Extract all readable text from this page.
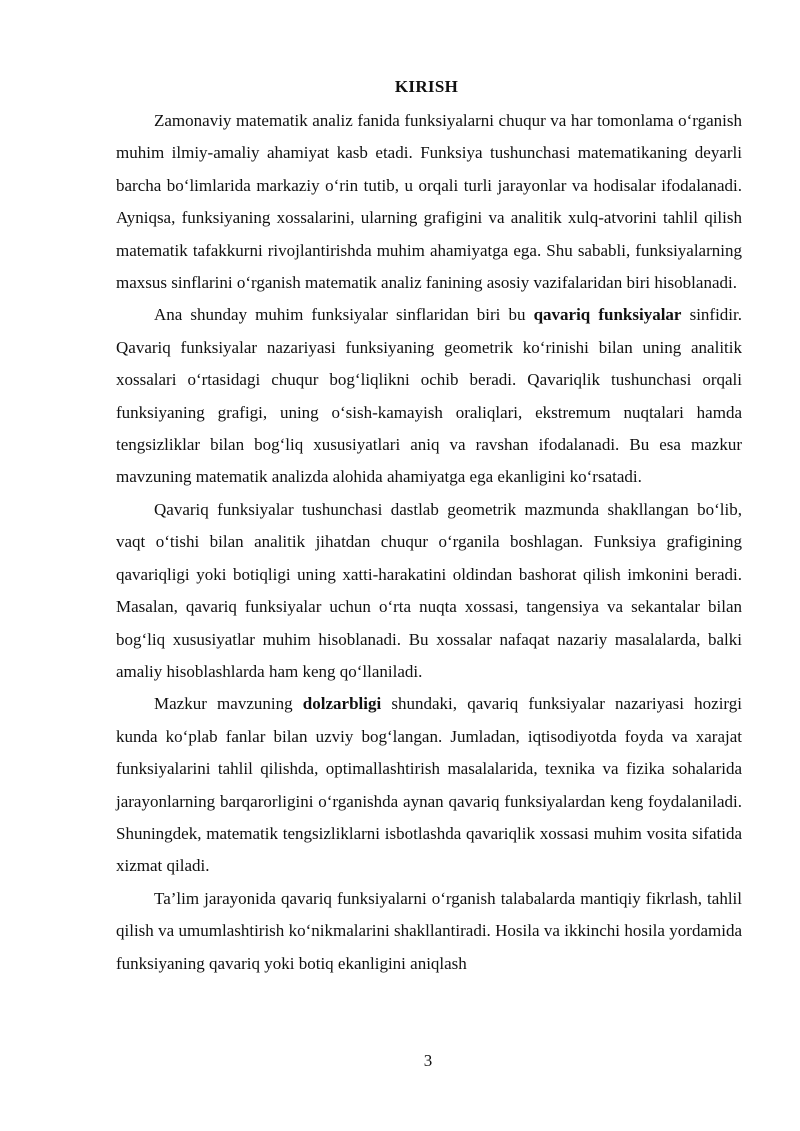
KIRISH

Zamonaviy matematik analiz fanida funksiyalarni chuqur va har tomonlama o‘rganish muhim ilmiy-amaliy ahamiyat kasb etadi. Funksiya tushunchasi matematikaning deyarli barcha bo‘limlarida markaziy o‘rin tutib, u orqali turli jarayonlar va hodisalar ifodalanadi. Ayniqsa, funksiyaning xossalarini, ularning grafigini va analitik xulq-atvorini tahlil qilish matematik tafakkurni rivojlantirishda muhim ahamiyatga ega. Shu sababli, funksiyalarning maxsus sinflarini o‘rganish matematik analiz fanining asosiy vazifalaridan biri hisoblanadi.

Ana shunday muhim funksiyalar sinflaridan biri bu qavariq funksiyalar sinfidir. Qavariq funksiyalar nazariyasi funksiyaning geometrik ko‘rinishi bilan uning analitik xossalari o‘rtasidagi chuqur bog‘liqlikni ochib beradi. Qavariqlik tushunchasi orqali funksiyaning grafigi, uning o‘sish-kamayish oraliqlari, ekstremum nuqtalari hamda tengsizliklar bilan bog‘liq xususiyatlari aniq va ravshan ifodalanadi. Bu esa mazkur mavzuning matematik analizda alohida ahamiyatga ega ekanligini ko‘rsatadi.

Qavariq funksiyalar tushunchasi dastlab geometrik mazmunda shakllangan bo‘lib, vaqt o‘tishi bilan analitik jihatdan chuqur o‘rganila boshlagan. Funksiya grafigining qavariqligi yoki botiqligi uning xatti-harakatini oldindan bashorat qilish imkonini beradi. Masalan, qavariq funksiyalar uchun o‘rta nuqta xossasi, tangensiya va sekantalar bilan bog‘liq xususiyatlar muhim hisoblanadi. Bu xossalar nafaqat nazariy masalalarda, balki amaliy hisoblashlarda ham keng qo‘llaniladi.

Mazkur mavzuning dolzarbligi shundaki, qavariq funksiyalar nazariyasi hozirgi kunda ko‘plab fanlar bilan uzviy bog‘langan. Jumladan, iqtisodiyotda foyda va xarajat funksiyalarini tahlil qilishda, optimallashtirish masalalarida, texnika va fizika sohalarida jarayonlarning barqarorligini o‘rganishda aynan qavariq funksiyalardan keng foydalaniladi. Shuningdek, matematik tengsizliklarni isbotlashda qavariqlik xossasi muhim vosita sifatida xizmat qiladi.

Ta’lim jarayonida qavariq funksiyalarni o‘rganish talabalarda mantiqiy fikrlash, tahlil qilish va umumlashtirish ko‘nikmalarini shakllantiradi. Hosila va ikkinchi hosila yordamida funksiyaning qavariq yoki botiq ekanligini aniqlash

3
